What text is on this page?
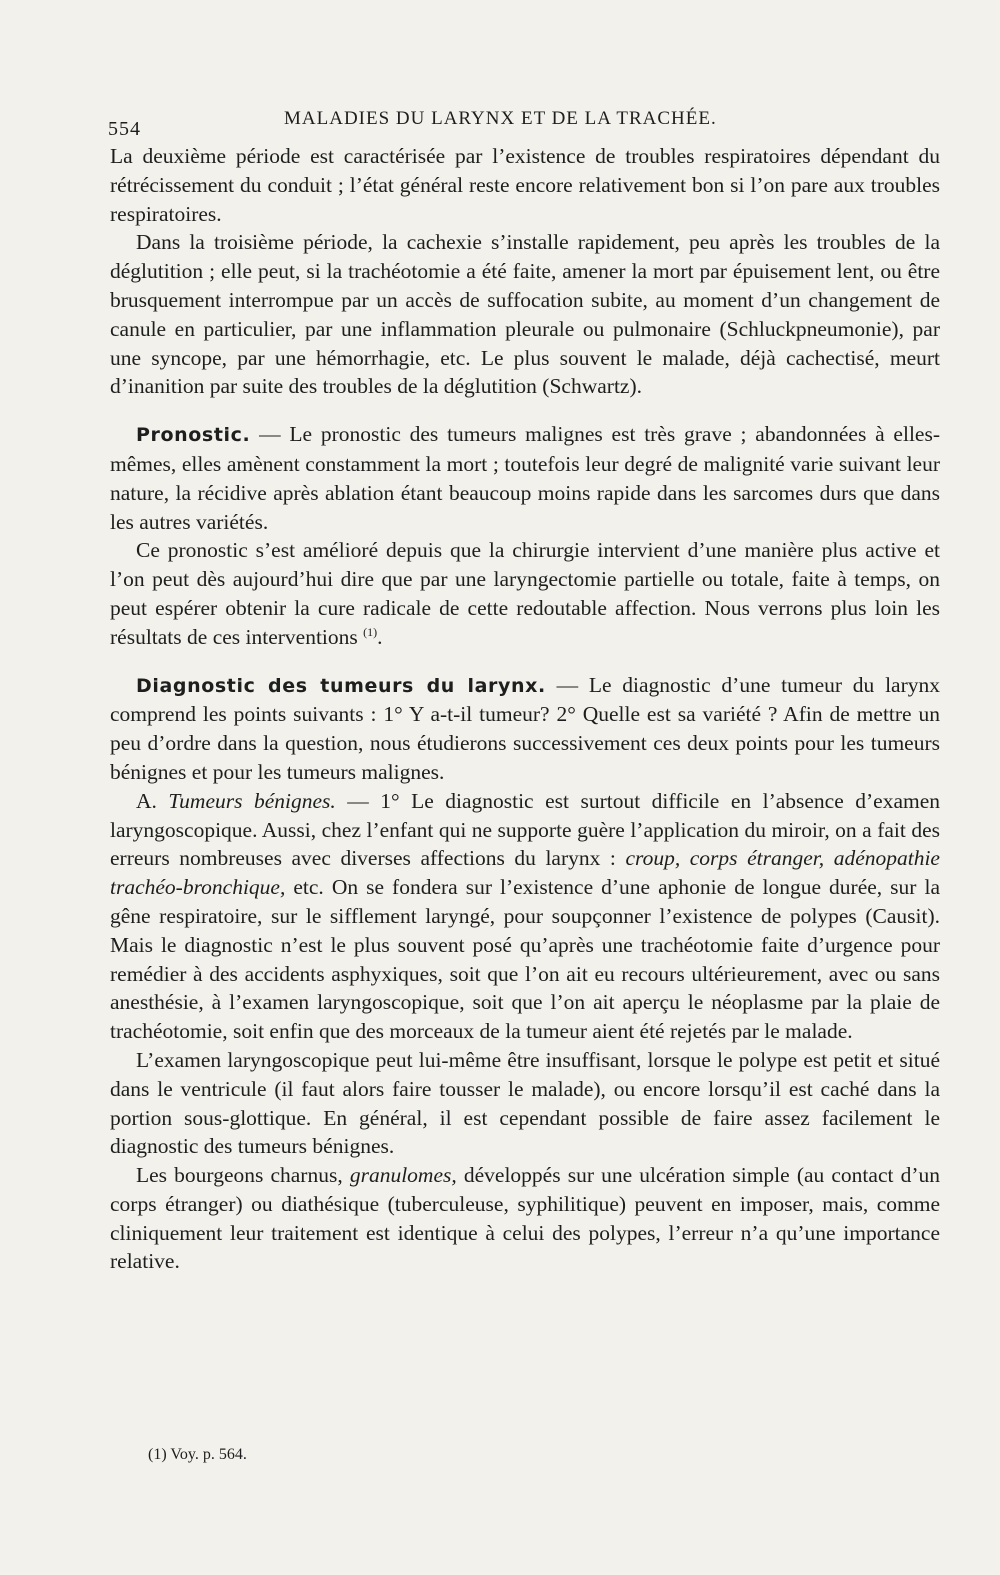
554	MALADIES DU LARYNX ET DE LA TRACHÉE.

La deuxième période est caractérisée par l’existence de troubles respiratoires dépendant du rétrécissement du conduit ; l’état général reste encore relativement bon si l’on pare aux troubles respiratoires.

Dans la troisième période, la cachexie s’installe rapidement, peu après les troubles de la déglutition ; elle peut, si la trachéotomie a été faite, amener la mort par épuisement lent, ou être brusquement interrompue par un accès de suffocation subite, au moment d’un changement de canule en particulier, par une inflammation pleurale ou pulmonaire (Schluckpneumonie), par une syncope, par une hémorrhagie, etc. Le plus souvent le malade, déjà cachectisé, meurt d’inanition par suite des troubles de la déglutition (Schwartz).

Pronostic. — Le pronostic des tumeurs malignes est très grave ; abandonnées à elles-mêmes, elles amènent constamment la mort ; toutefois leur degré de malignité varie suivant leur nature, la récidive après ablation étant beaucoup moins rapide dans les sarcomes durs que dans les autres variétés.

Ce pronostic s’est amélioré depuis que la chirurgie intervient d’une manière plus active et l’on peut dès aujourd’hui dire que par une laryngectomie partielle ou totale, faite à temps, on peut espérer obtenir la cure radicale de cette redoutable affection. Nous verrons plus loin les résultats de ces interventions $^{(1)}$.

Diagnostic des tumeurs du larynx. — Le diagnostic d’une tumeur du larynx comprend les points suivants : 1° Y a-t-il tumeur? 2° Quelle est sa variété ? Afin de mettre un peu d’ordre dans la question, nous étudierons successivement ces deux points pour les tumeurs bénignes et pour les tumeurs malignes.

A. Tumeurs bénignes. — 1° Le diagnostic est surtout difficile en l’absence d’examen laryngoscopique. Aussi, chez l’enfant qui ne supporte guère l’application du miroir, on a fait des erreurs nombreuses avec diverses affections du larynx : croup, corps étranger, adénopathie trachéo-bronchique, etc. On se fondera sur l’existence d’une aphonie de longue durée, sur la gêne respiratoire, sur le sifflement laryngé, pour soupçonner l’existence de polypes (Causit). Mais le diagnostic n’est le plus souvent posé qu’après une trachéotomie faite d’urgence pour remédier à des accidents asphyxiques, soit que l’on ait eu recours ultérieurement, avec ou sans anesthésie, à l’examen laryngoscopique, soit que l’on ait aperçu le néoplasme par la plaie de trachéotomie, soit enfin que des morceaux de la tumeur aient été rejetés par le malade.

L’examen laryngoscopique peut lui-même être insuffisant, lorsque le polype est petit et situé dans le ventricule (il faut alors faire tousser le malade), ou encore lorsqu’il est caché dans la portion sous-glottique. En général, il est cependant possible de faire assez facilement le diagnostic des tumeurs bénignes.

Les bourgeons charnus, granulomes, développés sur une ulcération simple (au contact d’un corps étranger) ou diathésique (tuberculeuse, syphilitique) peuvent en imposer, mais, comme cliniquement leur traitement est identique à celui des polypes, l’erreur n’a qu’une importance relative.

(1) Voy. p. 564.
